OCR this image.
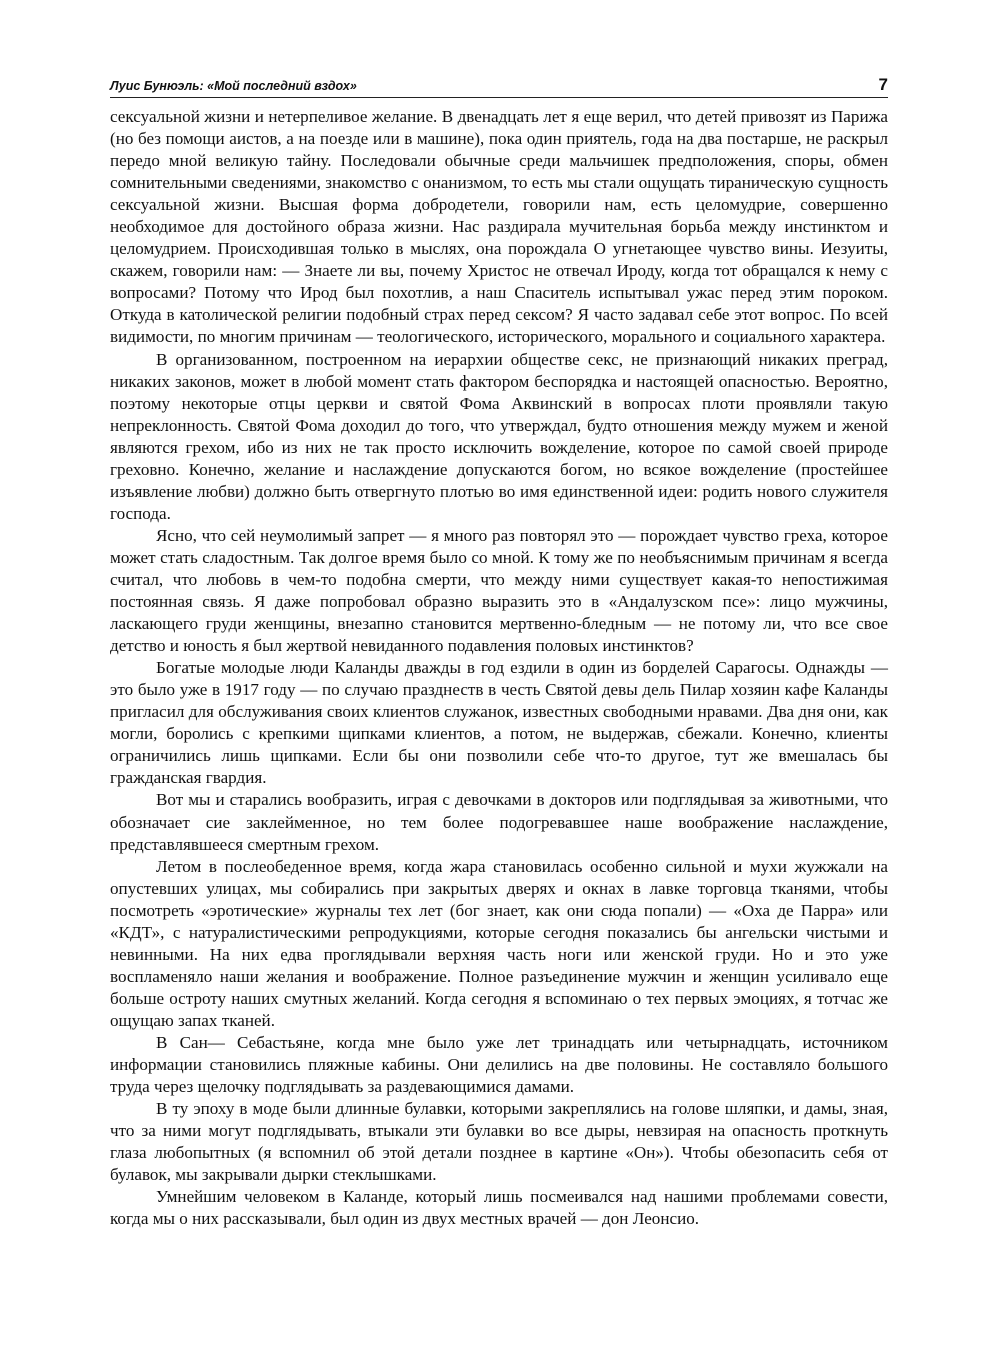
Луис Бунюэль: «Мой последний вздох»	7

сексуальной жизни и нетерпеливое желание. В двенадцать лет я еще верил, что детей привозят из Парижа (но без помощи аистов, а на поезде или в машине), пока один приятель, года на два постарше, не раскрыл передо мной великую тайну. Последовали обычные среди мальчишек предположения, споры, обмен сомнительными сведениями, знакомство с онанизмом, то есть мы стали ощущать тираническую сущность сексуальной жизни. Высшая форма добродетели, говорили нам, есть целомудрие, совершенно необходимое для достойного образа жизни. Нас раздирала мучительная борьба между инстинктом и целомудрием. Происходившая только в мыслях, она порождала О угнетающее чувство вины. Иезуиты, скажем, говорили нам: — Знаете ли вы, почему Христос не отвечал Ироду, когда тот обращался к нему с вопросами? Потому что Ирод был похотлив, а наш Спаситель испытывал ужас перед этим пороком. Откуда в католической религии подобный страх перед сексом? Я часто задавал себе этот вопрос. По всей видимости, по многим причинам — теологического, исторического, морального и социального характера.

В организованном, построенном на иерархии обществе секс, не признающий никаких преград, никаких законов, может в любой момент стать фактором беспорядка и настоящей опасностью. Вероятно, поэтому некоторые отцы церкви и святой Фома Аквинский в вопросах плоти проявляли такую непреклонность. Святой Фома доходил до того, что утверждал, будто отношения между мужем и женой являются грехом, ибо из них не так просто исключить вожделение, которое по самой своей природе греховно. Конечно, желание и наслаждение допускаются богом, но всякое вожделение (простейшее изъявление любви) должно быть отвергнуто плотью во имя единственной идеи: родить нового служителя господа.

Ясно, что сей неумолимый запрет — я много раз повторял это — порождает чувство греха, которое может стать сладостным. Так долгое время было со мной. К тому же по необъяснимым причинам я всегда считал, что любовь в чем-то подобна смерти, что между ними существует какая-то непостижимая постоянная связь. Я даже попробовал образно выразить это в «Андалузском псе»: лицо мужчины, ласкающего груди женщины, внезапно становится мертвенно-бледным — не потому ли, что все свое детство и юность я был жертвой невиданного подавления половых инстинктов?

Богатые молодые люди Каланды дважды в год ездили в один из борделей Сарагосы. Однажды — это было уже в 1917 году — по случаю празднеств в честь Святой девы дель Пилар хозяин кафе Каланды пригласил для обслуживания своих клиентов служанок, известных свободными нравами. Два дня они, как могли, боролись с крепкими щипками клиентов, а потом, не выдержав, сбежали. Конечно, клиенты ограничились лишь щипками. Если бы они позволили себе что-то другое, тут же вмешалась бы гражданская гвардия.

Вот мы и старались вообразить, играя с девочками в докторов или подглядывая за животными, что обозначает сие заклейменное, но тем более подогревавшее наше воображение наслаждение, представлявшееся смертным грехом.

Летом в послеобеденное время, когда жара становилась особенно сильной и мухи жужжали на опустевших улицах, мы собирались при закрытых дверях и окнах в лавке торговца тканями, чтобы посмотреть «эротические» журналы тех лет (бог знает, как они сюда попали) — «Оха де Парра» или «КДТ», с натуралистическими репродукциями, которые сегодня показались бы ангельски чистыми и невинными. На них едва проглядывали верхняя часть ноги или женской груди. Но и это уже воспламеняло наши желания и воображение. Полное разъединение мужчин и женщин усиливало еще больше остроту наших смутных желаний. Когда сегодня я вспоминаю о тех первых эмоциях, я тотчас же ощущаю запах тканей.

В Сан— Себастьяне, когда мне было уже лет тринадцать или четырнадцать, источником информации становились пляжные кабины. Они делились на две половины. Не составляло большого труда через щелочку подглядывать за раздевающимися дамами.

В ту эпоху в моде были длинные булавки, которыми закреплялись на голове шляпки, и дамы, зная, что за ними могут подглядывать, втыкали эти булавки во все дыры, невзирая на опасность проткнуть глаза любопытных (я вспомнил об этой детали позднее в картине «Он»). Чтобы обезопасить себя от булавок, мы закрывали дырки стеклышками.

Умнейшим человеком в Каланде, который лишь посмеивался над нашими проблемами совести, когда мы о них рассказывали, был один из двух местных врачей — дон Леонсио.
